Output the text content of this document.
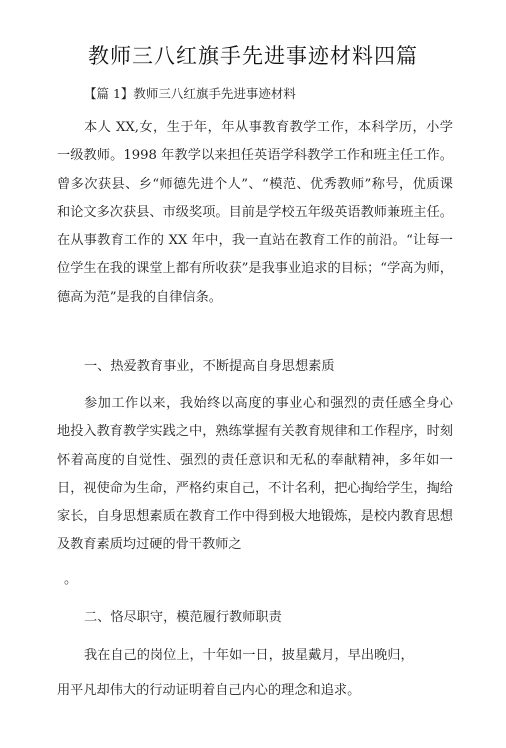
教师三八红旗手先进事迹材料四篇
【篇 1】教师三八红旗手先进事迹材料
本人 XX,女，生于年，年从事教育教学工作，本科学历，小学一级教师。1998 年教学以来担任英语学科教学工作和班主任工作。曾多次获县、乡“师德先进个人”、“模范、优秀教师”称号，优质课和论文多次获县、市级奖项。目前是学校五年级英语教师兼班主任。在从事教育工作的 XX 年中，我一直站在教育工作的前沿。“让每一位学生在我的课堂上都有所收获”是我事业追求的目标；“学高为师，德高为范”是我的自律信条。
一、热爱教育事业，不断提高自身思想素质
参加工作以来，我始终以高度的事业心和强烈的责任感全身心地投入教育教学实践之中，熟练掌握有关教育规律和工作程序，时刻怀着高度的自觉性、强烈的责任意识和无私的奉献精神，多年如一日，视使命为生命，严格约束自己，不计名利，把心掏给学生，掏给家长，自身思想素质在教育工作中得到极大地锻炼，是校内教育思想及教育素质均过硬的骨干教师之
。
二、恪尽职守，模范履行教师职责
我在自己的岗位上，十年如一日，披星戴月，早出晚归，
用平凡却伟大的行动证明着自己内心的理念和追求。
